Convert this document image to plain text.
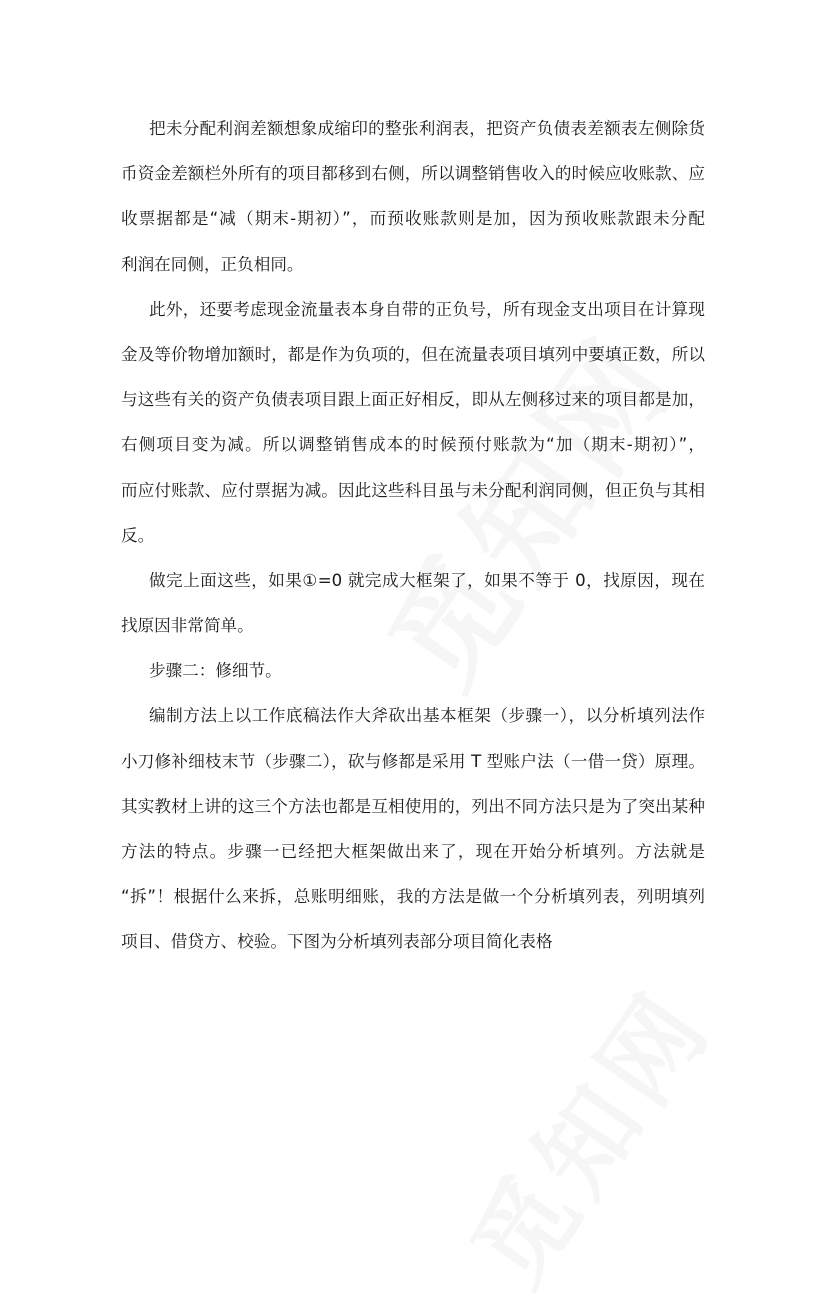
把未分配利润差额想象成缩印的整张利润表，把资产负债表差额表左侧除货
币资金差额栏外所有的项目都移到右侧，所以调整销售收入的时候应收账款、应
收票据都是“减（期末-期初）”，而预收账款则是加，因为预收账款跟未分配
利润在同侧，正负相同。
此外，还要考虑现金流量表本身自带的正负号，所有现金支出项目在计算现
金及等价物增加额时，都是作为负项的，但在流量表项目填列中要填正数，所以
与这些有关的资产负债表项目跟上面正好相反，即从左侧移过来的项目都是加，
右侧项目变为减。所以调整销售成本的时候预付账款为“加（期末-期初）”，
而应付账款、应付票据为减。因此这些科目虽与未分配利润同侧，但正负与其相
反。
做完上面这些，如果①=0 就完成大框架了，如果不等于 0，找原因，现在
找原因非常简单。
步骤二：修细节。
编制方法上以工作底稿法作大斧砍出基本框架（步骤一），以分析填列法作
小刀修补细枝末节（步骤二），砍与修都是采用 T 型账户法（一借一贷）原理。
其实教材上讲的这三个方法也都是互相使用的，列出不同方法只是为了突出某种
方法的特点。步骤一已经把大框架做出来了，现在开始分析填列。方法就是
“拆”！根据什么来拆，总账明细账，我的方法是做一个分析填列表，列明填列
项目、借贷方、校验。下图为分析填列表部分项目简化表格
